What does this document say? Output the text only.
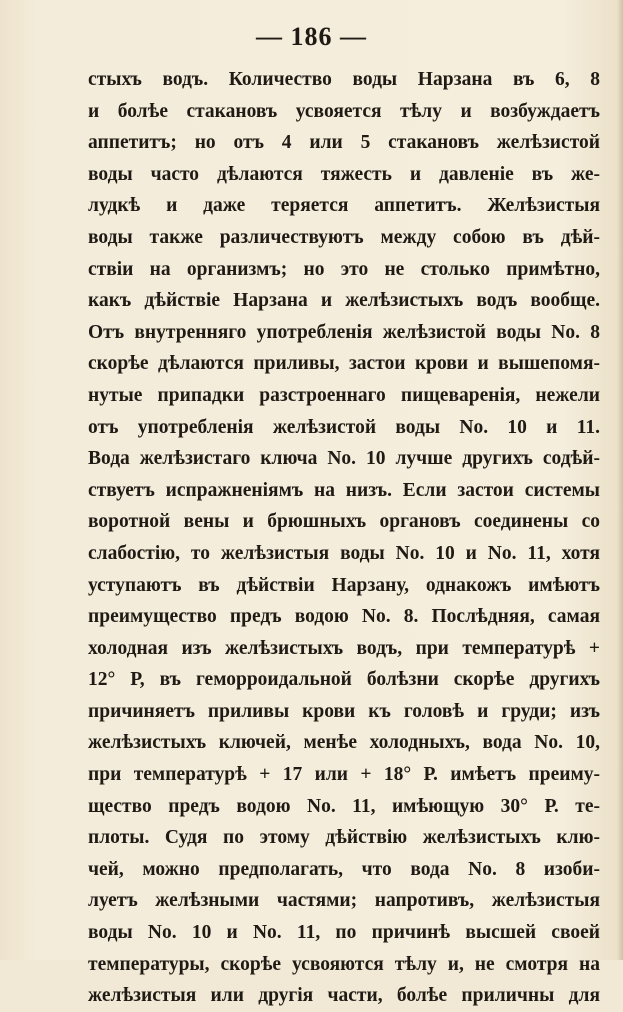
— 186 —
стыхъ водъ. Количество воды Нарзана въ 6, 8
и болѣе стакановъ усвояется тѣлу и возбуждаетъ
аппетитъ; но отъ 4 или 5 стакановъ желѣзистой
воды часто дѣлаются тяжесть и давленіе въ же-
лудкѣ и даже теряется аппетитъ. Желѣзистыя
воды также различествуютъ между собою въ дѣй-
ствіи на организмъ; но это не столько примѣтно,
какъ дѣйствіе Нарзана и желѣзистыхъ водъ вообще.
Отъ внутренняго употребленія желѣзистой воды No. 8
скорѣе дѣлаются приливы, застои крови и вышепомя-
нутые припадки разстроеннаго пищеваренія, нежели
отъ употребленія желѣзистой воды No. 10 и 11.
Вода желѣзистаго ключа No. 10 лучше другихъ содѣй-
ствуетъ испражненіямъ на низъ. Если застои системы
воротной вены и брюшныхъ органовъ соединены со
слабостію, то желѣзистыя воды No. 10 и No. 11, хотя
уступаютъ въ дѣйствіи Нарзану, однакожъ имѣютъ
преимущество предъ водою No. 8. Послѣдняя, самая
холодная изъ желѣзистыхъ водъ, при температурѣ +
12° Р, въ геморроидальной болѣзни скорѣе другихъ
причиняетъ приливы крови къ головѣ и груди; изъ
желѣзистыхъ ключей, менѣе холодныхъ, вода No. 10,
при температурѣ + 17 или + 18° Р. имѣетъ преиму-
щество предъ водою No. 11, имѣющую 30° Р. те-
плоты. Судя по этому дѣйствію желѣзистыхъ клю-
чей, можно предполагать, что вода No. 8 изоби-
луетъ желѣзными частями; напротивъ, желѣзистыя
воды No. 10 и No. 11, по причинѣ высшей своей
температуры, скорѣе усвояются тѣлу и, не смотря на
желѣзистыя или другія части, болѣе приличны для
